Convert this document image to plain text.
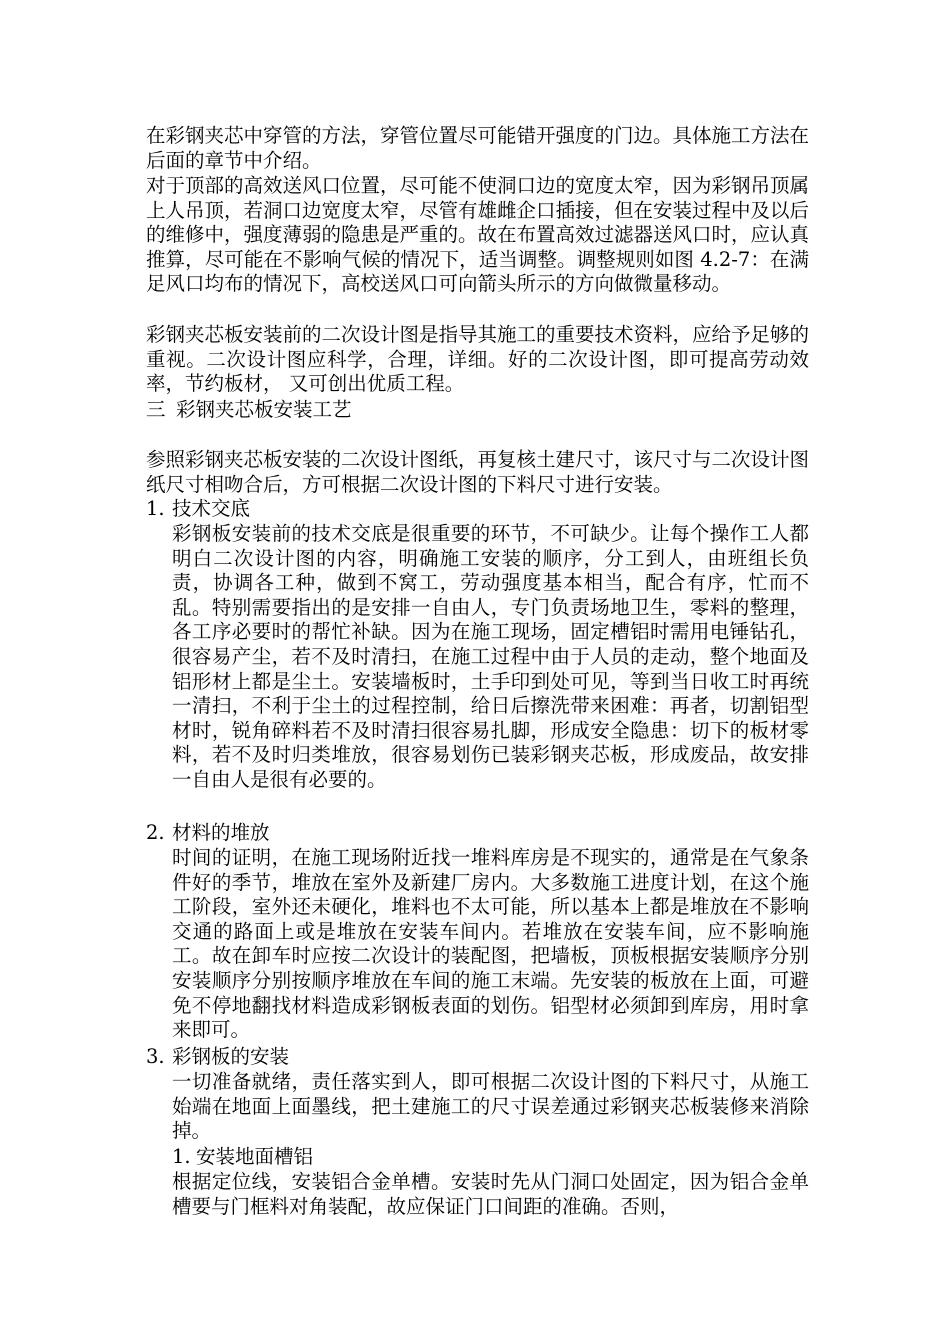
在彩钢夹芯中穿管的方法，穿管位置尽可能错开强度的门边。具体施工方法在后面的章节中介绍。

对于顶部的高效送风口位置，尽可能不使洞口边的宽度太窄，因为彩钢吊顶属上人吊顶，若洞口边宽度太窄，尽管有雄雌企口插接，但在安装过程中及以后的维修中，强度薄弱的隐患是严重的。故在布置高效过滤器送风口时，应认真推算，尽可能在不影响气候的情况下，适当调整。调整规则如图 4.2-7：在满足风口均布的情况下，高校送风口可向箭头所示的方向做微量移动。

彩钢夹芯板安装前的二次设计图是指导其施工的重要技术资料，应给予足够的重视。二次设计图应科学，合理，详细。好的二次设计图，即可提高劳动效率，节约板材， 又可创出优质工程。

三 彩钢夹芯板安装工艺

参照彩钢夹芯板安装的二次设计图纸，再复核土建尺寸，该尺寸与二次设计图纸尺寸相吻合后，方可根据二次设计图的下料尺寸进行安装。

1. 技术交底

彩钢板安装前的技术交底是很重要的环节，不可缺少。让每个操作工人都明白二次设计图的内容，明确施工安装的顺序，分工到人，由班组长负责，协调各工种，做到不窝工，劳动强度基本相当，配合有序，忙而不乱。特别需要指出的是安排一自由人，专门负责场地卫生，零料的整理，各工序必要时的帮忙补缺。因为在施工现场，固定槽铝时需用电锤钻孔，很容易产尘，若不及时清扫，在施工过程中由于人员的走动，整个地面及铝形材上都是尘土。安装墙板时，土手印到处可见，等到当日收工时再统一清扫，不利于尘土的过程控制，给日后擦洗带来困难：再者，切割铝型材时，锐角碎料若不及时清扫很容易扎脚，形成安全隐患：切下的板材零料，若不及时归类堆放，很容易划伤已装彩钢夹芯板，形成废品，故安排一自由人是很有必要的。

2. 材料的堆放

时间的证明，在施工现场附近找一堆料库房是不现实的，通常是在气象条件好的季节，堆放在室外及新建厂房内。大多数施工进度计划，在这个施工阶段，室外还未硬化，堆料也不太可能，所以基本上都是堆放在不影响交通的路面上或是堆放在安装车间内。若堆放在安装车间，应不影响施工。故在卸车时应按二次设计的装配图，把墙板，顶板根据安装顺序分别安装顺序分别按顺序堆放在车间的施工末端。先安装的板放在上面，可避免不停地翻找材料造成彩钢板表面的划伤。铝型材必须卸到库房，用时拿来即可。

3. 彩钢板的安装

一切准备就绪，责任落实到人，即可根据二次设计图的下料尺寸，从施工始端在地面上面墨线，把土建施工的尺寸误差通过彩钢夹芯板装修来消除掉。

1. 安装地面槽铝

根据定位线，安装铝合金单槽。安装时先从门洞口处固定，因为铝合金单槽要与门框料对角装配，故应保证门口间距的准确。否则，
